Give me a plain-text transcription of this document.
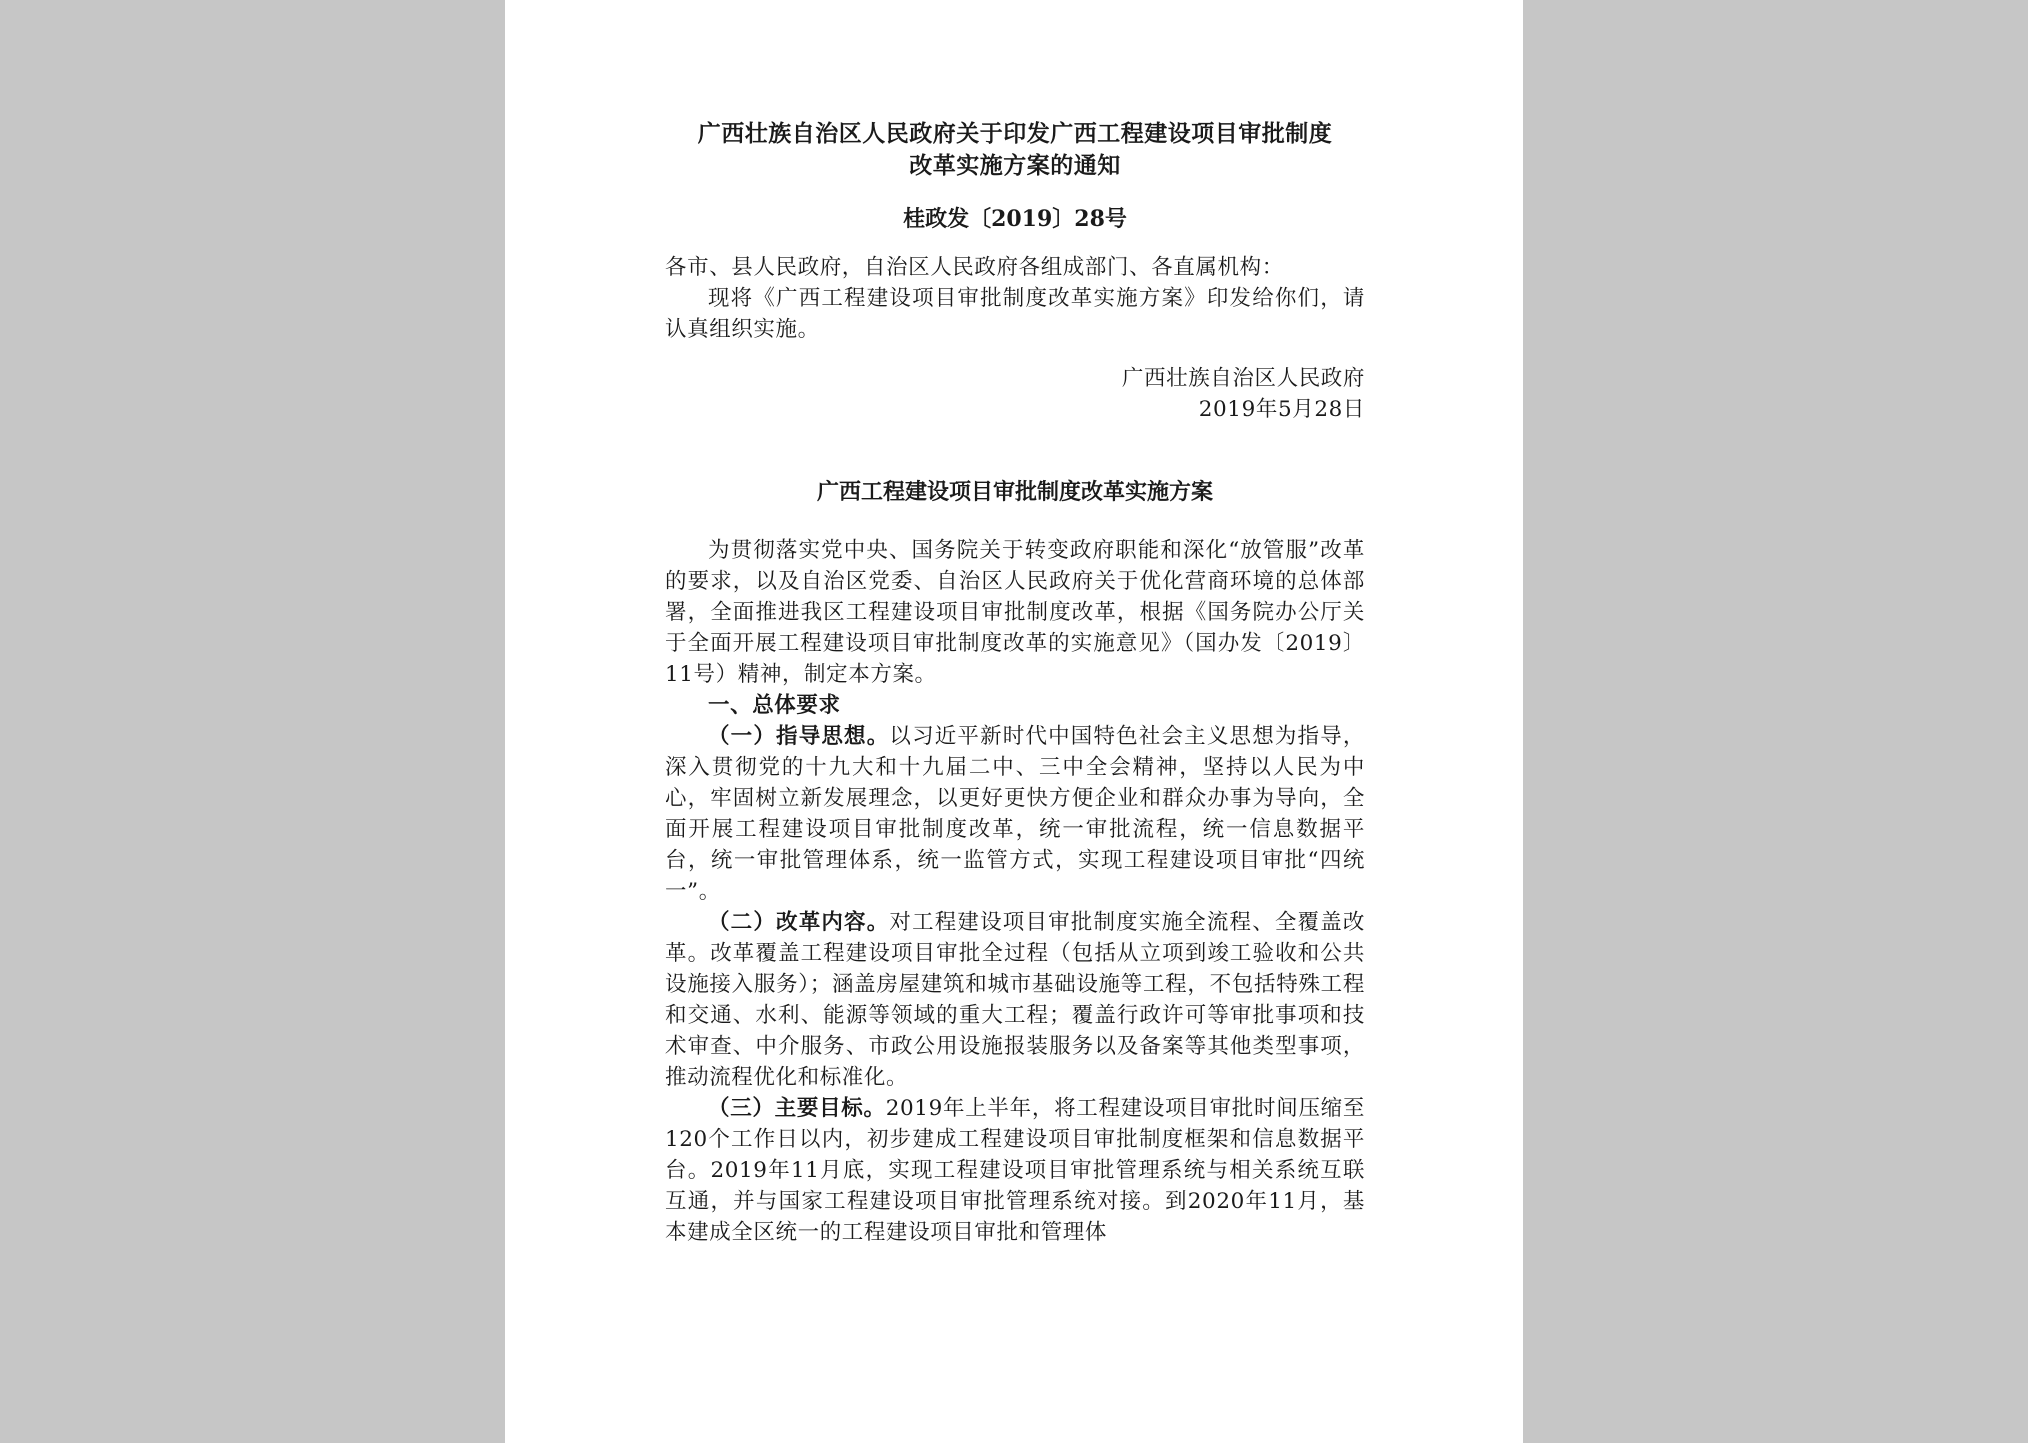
广西壮族自治区人民政府关于印发广西工程建设项目审批制度
改革实施方案的通知
桂政发〔2019〕28号

各市、县人民政府，自治区人民政府各组成部门、各直属机构：

现将《广西工程建设项目审批制度改革实施方案》印发给你们，请认真组织实施。

广西壮族自治区人民政府

2019年5月28日

广西工程建设项目审批制度改革实施方案

为贯彻落实党中央、国务院关于转变政府职能和深化“放管服”改革的要求，以及自治区党委、自治区人民政府关于优化营商环境的总体部署，全面推进我区工程建设项目审批制度改革，根据《国务院办公厅关于全面开展工程建设项目审批制度改革的实施意见》（国办发〔2019〕11号）精神，制定本方案。

一、总体要求

（一）指导思想。以习近平新时代中国特色社会主义思想为指导，深入贯彻党的十九大和十九届二中、三中全会精神，坚持以人民为中心，牢固树立新发展理念，以更好更快方便企业和群众办事为导向，全面开展工程建设项目审批制度改革，统一审批流程，统一信息数据平台，统一审批管理体系，统一监管方式，实现工程建设项目审批“四统一”。

（二）改革内容。对工程建设项目审批制度实施全流程、全覆盖改革。改革覆盖工程建设项目审批全过程（包括从立项到竣工验收和公共设施接入服务）；涵盖房屋建筑和城市基础设施等工程，不包括特殊工程和交通、水利、能源等领域的重大工程；覆盖行政许可等审批事项和技术审查、中介服务、市政公用设施报装服务以及备案等其他类型事项，推动流程优化和标准化。

（三）主要目标。2019年上半年，将工程建设项目审批时间压缩至120个工作日以内，初步建成工程建设项目审批制度框架和信息数据平台。2019年11月底，实现工程建设项目审批管理系统与相关系统互联互通，并与国家工程建设项目审批管理系统对接。到2020年11月，基本建成全区统一的工程建设项目审批和管理体
